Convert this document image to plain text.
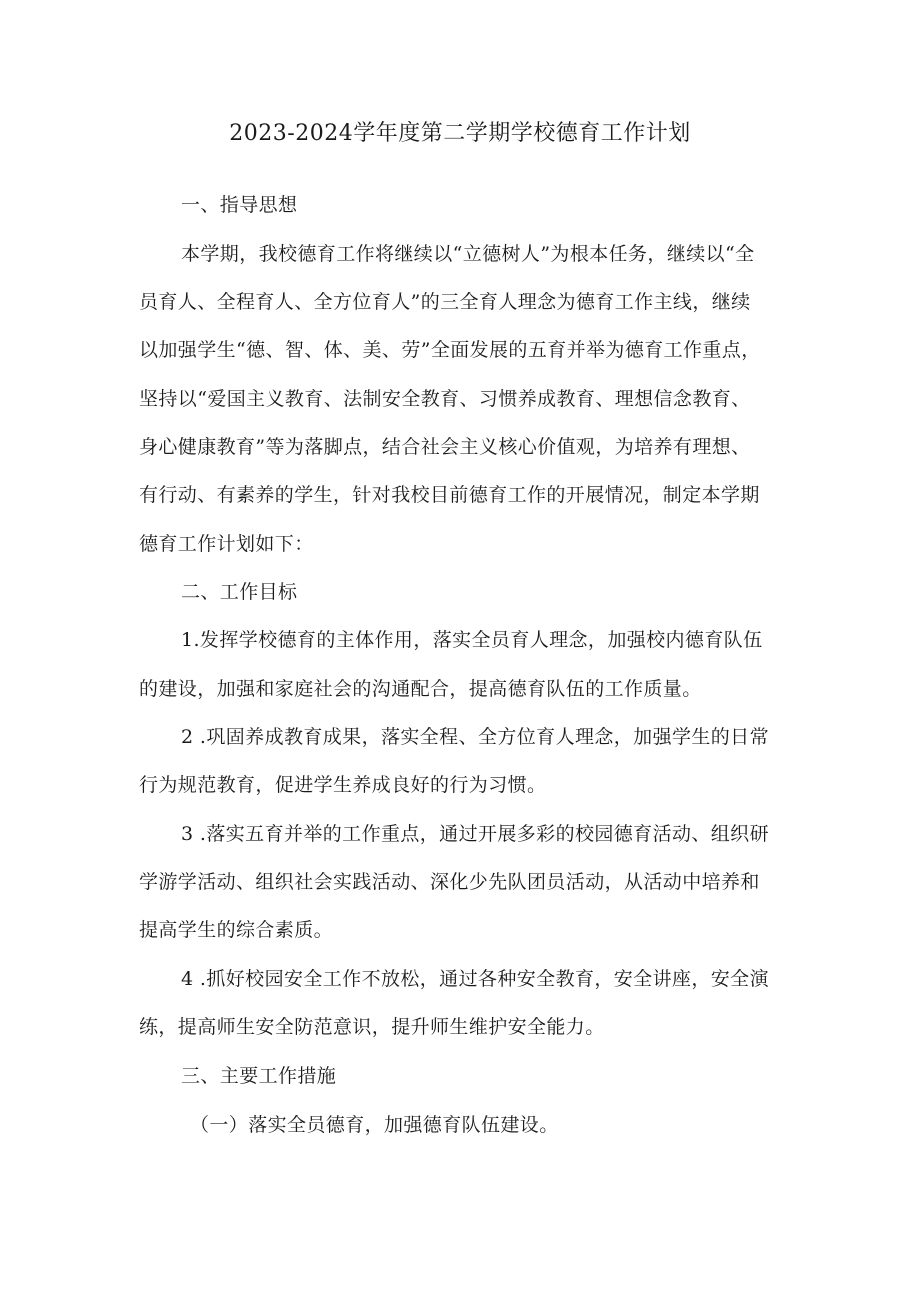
2023-2024学年度第二学期学校德育工作计划
一、指导思想
本学期，我校德育工作将继续以“立德树人”为根本任务，继续以“全
员育人、全程育人、全方位育人”的三全育人理念为德育工作主线，继续
以加强学生“德、智、体、美、劳”全面发展的五育并举为德育工作重点，
坚持以“爱国主义教育、法制安全教育、习惯养成教育、理想信念教育、
身心健康教育”等为落脚点，结合社会主义核心价值观，为培养有理想、
有行动、有素养的学生，针对我校目前德育工作的开展情况，制定本学期
德育工作计划如下：
二、工作目标
1.发挥学校德育的主体作用，落实全员育人理念，加强校内德育队伍
的建设，加强和家庭社会的沟通配合，提高德育队伍的工作质量。
2 .巩固养成教育成果，落实全程、全方位育人理念，加强学生的日常
行为规范教育，促进学生养成良好的行为习惯。
3 .落实五育并举的工作重点，通过开展多彩的校园德育活动、组织研
学游学活动、组织社会实践活动、深化少先队团员活动，从活动中培养和
提高学生的综合素质。
4 .抓好校园安全工作不放松，通过各种安全教育，安全讲座，安全演
练，提高师生安全防范意识，提升师生维护安全能力。
三、主要工作措施
（一）落实全员德育，加强德育队伍建设。
